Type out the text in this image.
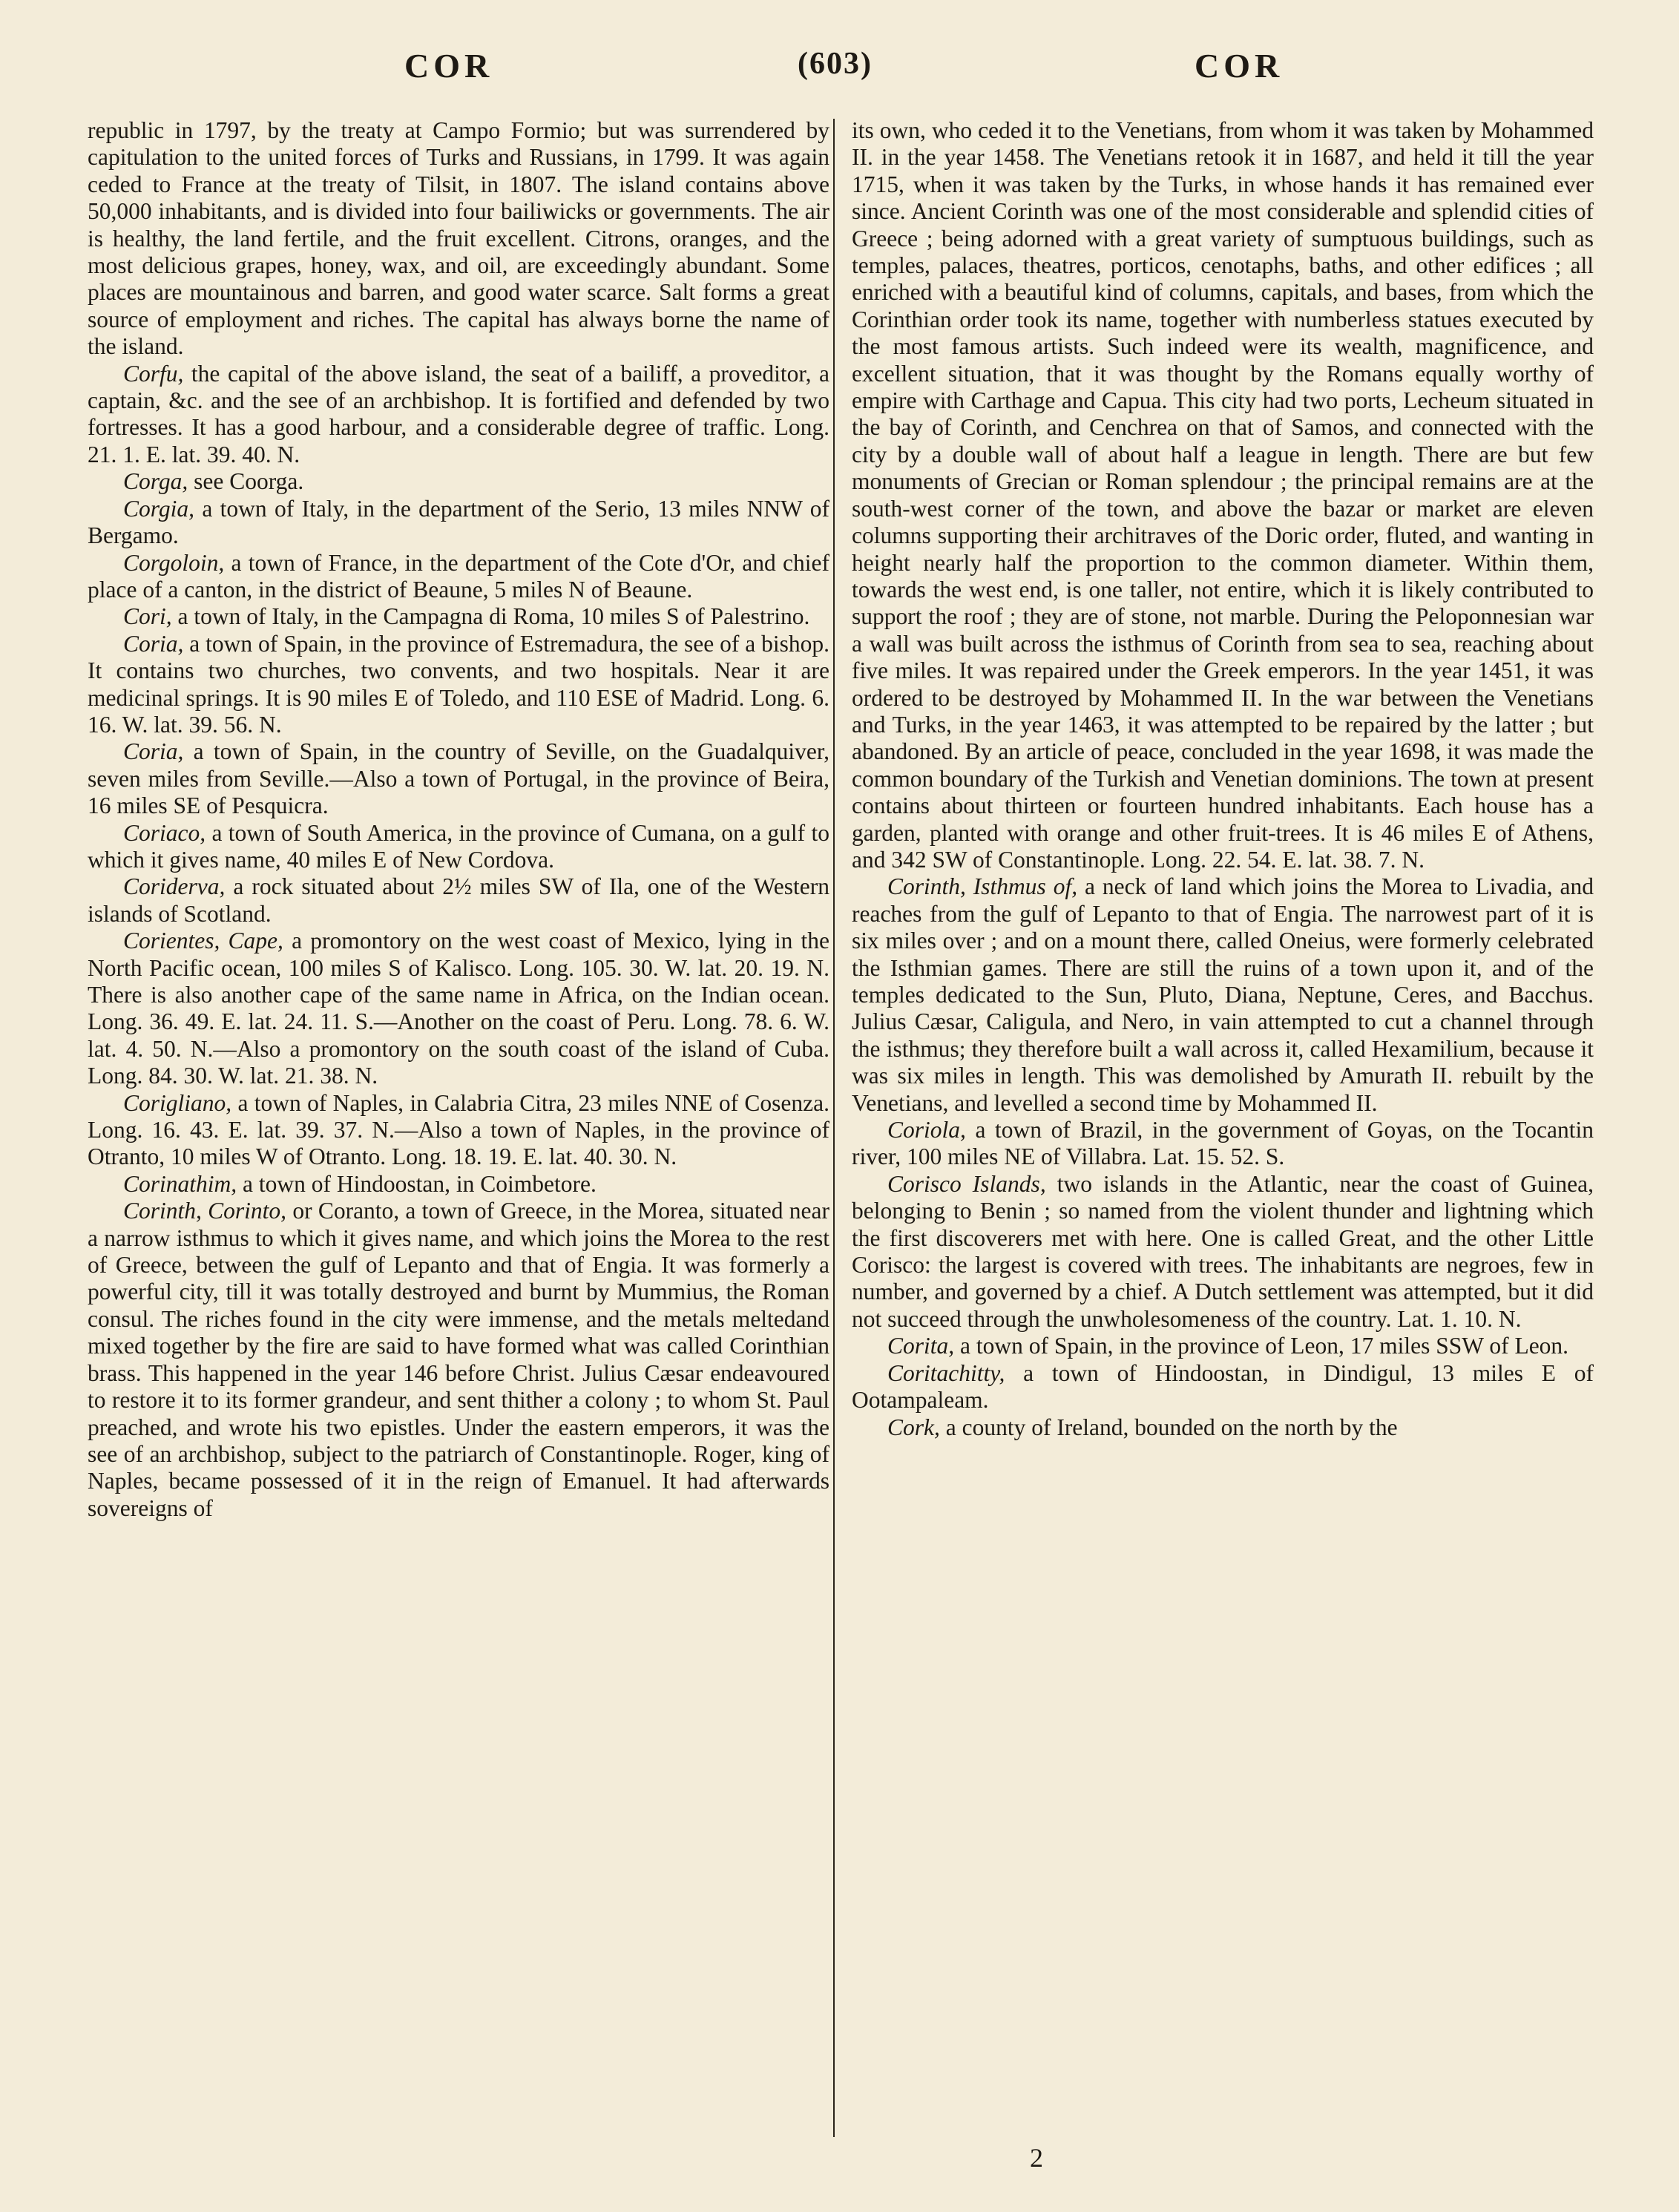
COR	(603)	COR

republic in 1797, by the treaty at Campo Formio; but was surrendered by capitulation to the united forces of Turks and Russians, in 1799. It was again ceded to France at the treaty of Tilsit, in 1807. The island contains above 50,000 inhabitants, and is divided into four bailiwicks or governments. The air is healthy, the land fertile, and the fruit excellent. Citrons, oranges, and the most delicious grapes, honey, wax, and oil, are exceedingly abundant. Some places are mountainous and barren, and good water scarce. Salt forms a great source of employment and riches. The capital has always borne the name of the island.

Corfu, the capital of the above island, the seat of a bailiff, a proveditor, a captain, &c. and the see of an archbishop. It is fortified and defended by two fortresses. It has a good harbour, and a considerable degree of traffic. Long. 21. 1. E. lat. 39. 40. N.

Corga, see Coorga.

Corgia, a town of Italy, in the department of the Serio, 13 miles NNW of Bergamo.

Corgoloin, a town of France, in the department of the Cote d'Or, and chief place of a canton, in the district of Beaune, 5 miles N of Beaune.

Cori, a town of Italy, in the Campagna di Roma, 10 miles S of Palestrino.

Coria, a town of Spain, in the province of Estremadura, the see of a bishop. It contains two churches, two convents, and two hospitals. Near it are medicinal springs. It is 90 miles E of Toledo, and 110 ESE of Madrid. Long. 6. 16. W. lat. 39. 56. N.

Coria, a town of Spain, in the country of Seville, on the Guadalquiver, seven miles from Seville.—Also a town of Portugal, in the province of Beira, 16 miles SE of Pesquicra.

Coriaco, a town of South America, in the province of Cumana, on a gulf to which it gives name, 40 miles E of New Cordova.

Coriderva, a rock situated about 2½ miles SW of Ila, one of the Western islands of Scotland.

Corientes, Cape, a promontory on the west coast of Mexico, lying in the North Pacific ocean, 100 miles S of Kalisco. Long. 105. 30. W. lat. 20. 19. N. There is also another cape of the same name in Africa, on the Indian ocean. Long. 36. 49. E. lat. 24. 11. S.—Another on the coast of Peru. Long. 78. 6. W. lat. 4. 50. N.—Also a promontory on the south coast of the island of Cuba. Long. 84. 30. W. lat. 21. 38. N.

Corigliano, a town of Naples, in Calabria Citra, 23 miles NNE of Cosenza. Long. 16. 43. E. lat. 39. 37. N.—Also a town of Naples, in the province of Otranto, 10 miles W of Otranto. Long. 18. 19. E. lat. 40. 30. N.

Corinathim, a town of Hindoostan, in Coimbetore.

Corinth, Corinto, or Coranto, a town of Greece, in the Morea, situated near a narrow isthmus to which it gives name, and which joins the Morea to the rest of Greece, between the gulf of Lepanto and that of Engia. It was formerly a powerful city, till it was totally destroyed and burnt by Mummius, the Roman consul. The riches found in the city were immense, and the metals meltedand mixed together by the fire are said to have formed what was called Corinthian brass. This happened in the year 146 before Christ. Julius Cæsar endeavoured to restore it to its former grandeur, and sent thither a colony ; to whom St. Paul preached, and wrote his two epistles. Under the eastern emperors, it was the see of an archbishop, subject to the patriarch of Constantinople. Roger, king of Naples, became possessed of it in the reign of Emanuel. It had afterwards sovereigns of

its own, who ceded it to the Venetians, from whom it was taken by Mohammed II. in the year 1458. The Venetians retook it in 1687, and held it till the year 1715, when it was taken by the Turks, in whose hands it has remained ever since. Ancient Corinth was one of the most considerable and splendid cities of Greece ; being adorned with a great variety of sumptuous buildings, such as temples, palaces, theatres, porticos, cenotaphs, baths, and other edifices ; all enriched with a beautiful kind of columns, capitals, and bases, from which the Corinthian order took its name, together with numberless statues executed by the most famous artists. Such indeed were its wealth, magnificence, and excellent situation, that it was thought by the Romans equally worthy of empire with Carthage and Capua. This city had two ports, Lecheum situated in the bay of Corinth, and Cenchrea on that of Samos, and connected with the city by a double wall of about half a league in length. There are but few monuments of Grecian or Roman splendour ; the principal remains are at the south-west corner of the town, and above the bazar or market are eleven columns supporting their architraves of the Doric order, fluted, and wanting in height nearly half the proportion to the common diameter. Within them, towards the west end, is one taller, not entire, which it is likely contributed to support the roof ; they are of stone, not marble. During the Peloponnesian war a wall was built across the isthmus of Corinth from sea to sea, reaching about five miles. It was repaired under the Greek emperors. In the year 1451, it was ordered to be destroyed by Mohammed II. In the war between the Venetians and Turks, in the year 1463, it was attempted to be repaired by the latter ; but abandoned. By an article of peace, concluded in the year 1698, it was made the common boundary of the Turkish and Venetian dominions. The town at present contains about thirteen or fourteen hundred inhabitants. Each house has a garden, planted with orange and other fruit-trees. It is 46 miles E of Athens, and 342 SW of Constantinople. Long. 22. 54. E. lat. 38. 7. N.

Corinth, Isthmus of, a neck of land which joins the Morea to Livadia, and reaches from the gulf of Lepanto to that of Engia. The narrowest part of it is six miles over ; and on a mount there, called Oneius, were formerly celebrated the Isthmian games. There are still the ruins of a town upon it, and of the temples dedicated to the Sun, Pluto, Diana, Neptune, Ceres, and Bacchus. Julius Cæsar, Caligula, and Nero, in vain attempted to cut a channel through the isthmus; they therefore built a wall across it, called Hexamilium, because it was six miles in length. This was demolished by Amurath II. rebuilt by the Venetians, and levelled a second time by Mohammed II.

Coriola, a town of Brazil, in the government of Goyas, on the Tocantin river, 100 miles NE of Villabra. Lat. 15. 52. S.

Corisco Islands, two islands in the Atlantic, near the coast of Guinea, belonging to Benin ; so named from the violent thunder and lightning which the first discoverers met with here. One is called Great, and the other Little Corisco: the largest is covered with trees. The inhabitants are negroes, few in number, and governed by a chief. A Dutch settlement was attempted, but it did not succeed through the unwholesomeness of the country. Lat. 1. 10. N.

Corita, a town of Spain, in the province of Leon, 17 miles SSW of Leon.

Coritachitty, a town of Hindoostan, in Dindigul, 13 miles E of Ootampaleam.

Cork, a county of Ireland, bounded on the north by the

2
